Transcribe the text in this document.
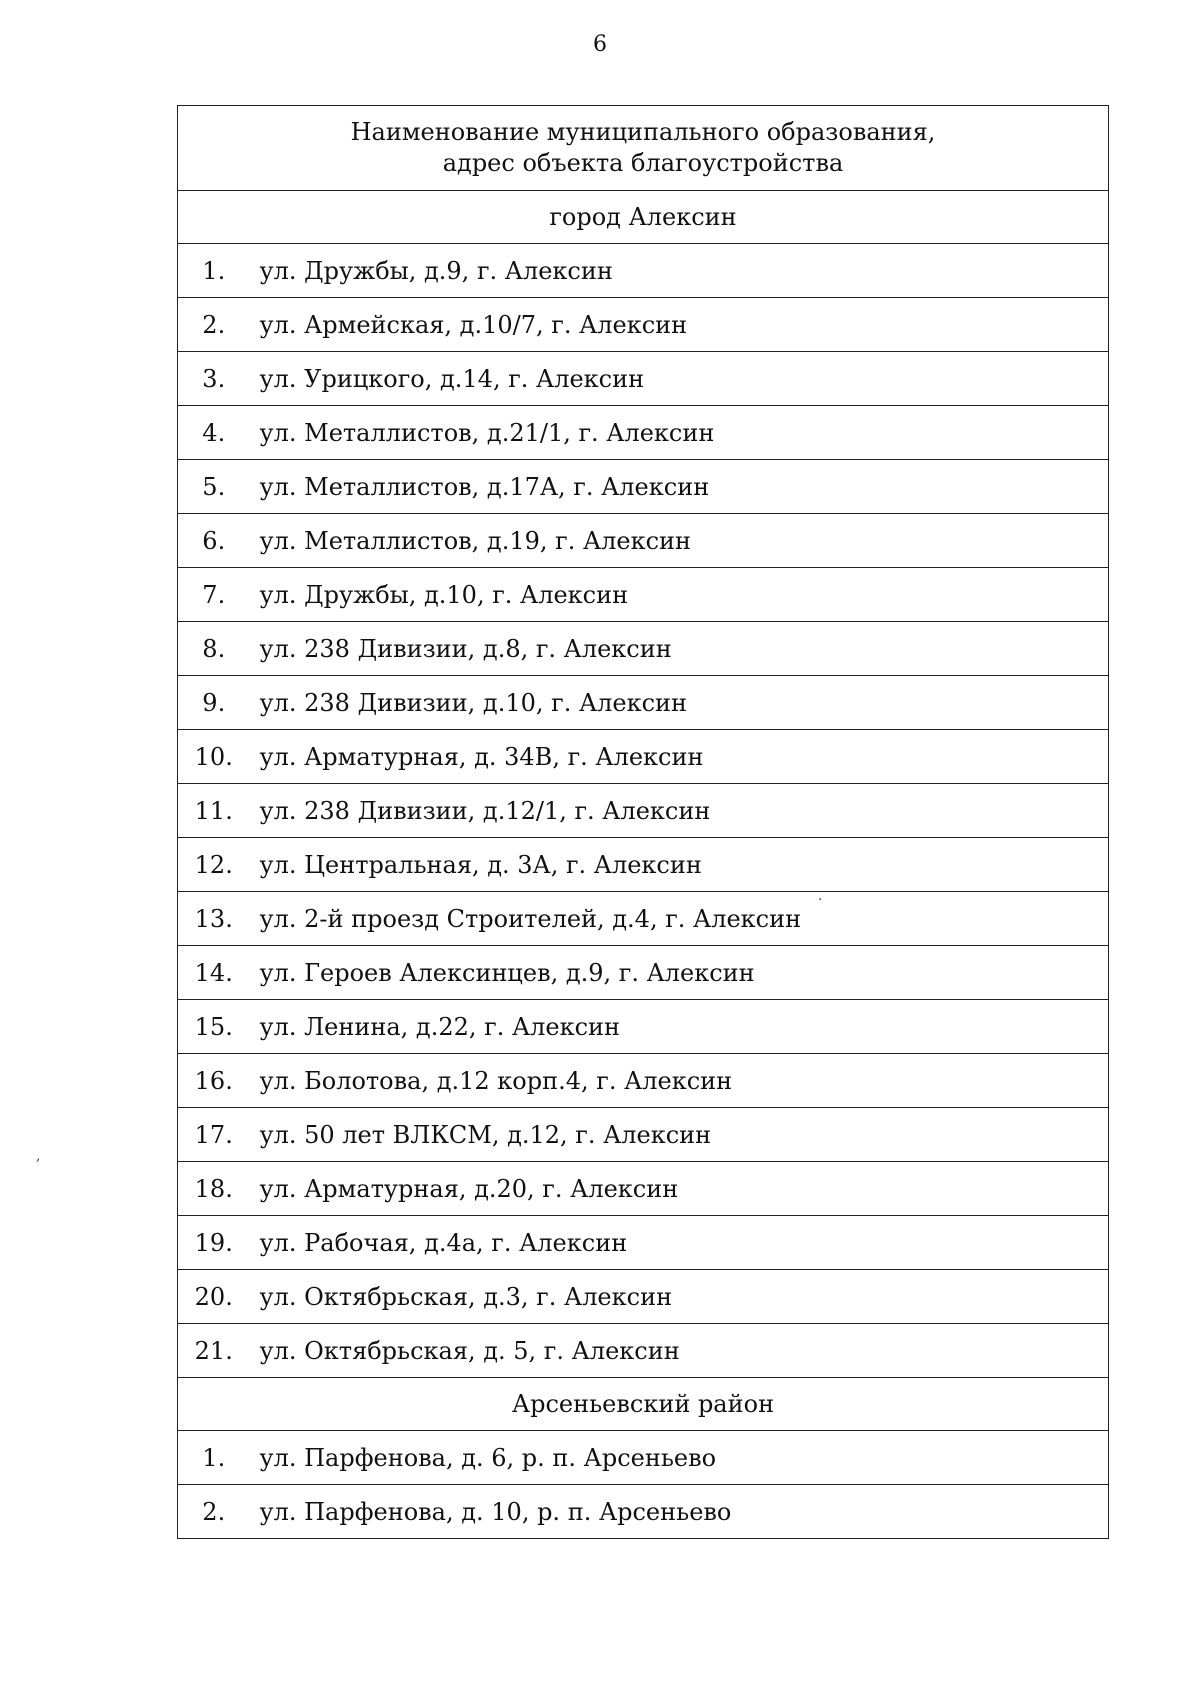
6
Наименование муниципального образования,
адрес объекта благоустройства	

город Алексин	
1.	ул. Дружбы, д.9, г. Алексин
2.	ул. Армейская, д.10/7, г. Алексин
3.	ул. Урицкого, д.14, г. Алексин
4.	ул. Металлистов, д.21/1, г. Алексин
5.	ул. Металлистов, д.17А, г. Алексин
6.	ул. Металлистов, д.19, г. Алексин
7.	ул. Дружбы, д.10, г. Алексин
8.	ул. 238 Дивизии, д.8, г. Алексин
9.	ул. 238 Дивизии, д.10, г. Алексин
10.	ул. Арматурная, д. 34В, г. Алексин
11.	ул. 238 Дивизии, д.12/1, г. Алексин
12.	ул. Центральная, д. 3А, г. Алексин
13.	ул. 2-й проезд Строителей, д.4, г. Алексин
14.	ул. Героев Алексинцев, д.9, г. Алексин
15.	ул. Ленина, д.22, г. Алексин
16.	ул. Болотова, д.12 корп.4, г. Алексин
17.	ул. 50 лет ВЛКСМ, д.12, г. Алексин
18.	ул. Арматурная, д.20, г. Алексин
19.	ул. Рабочая, д.4а, г. Алексин
20.	ул. Октябрьская, д.3, г. Алексин
21.	ул. Октябрьская, д. 5, г. Алексин
Арсеньевский район	
1.	ул. Парфенова, д. 6, р. п. Арсеньево
2.	ул. Парфенова, д. 10, р. п. Арсеньево
·
,
